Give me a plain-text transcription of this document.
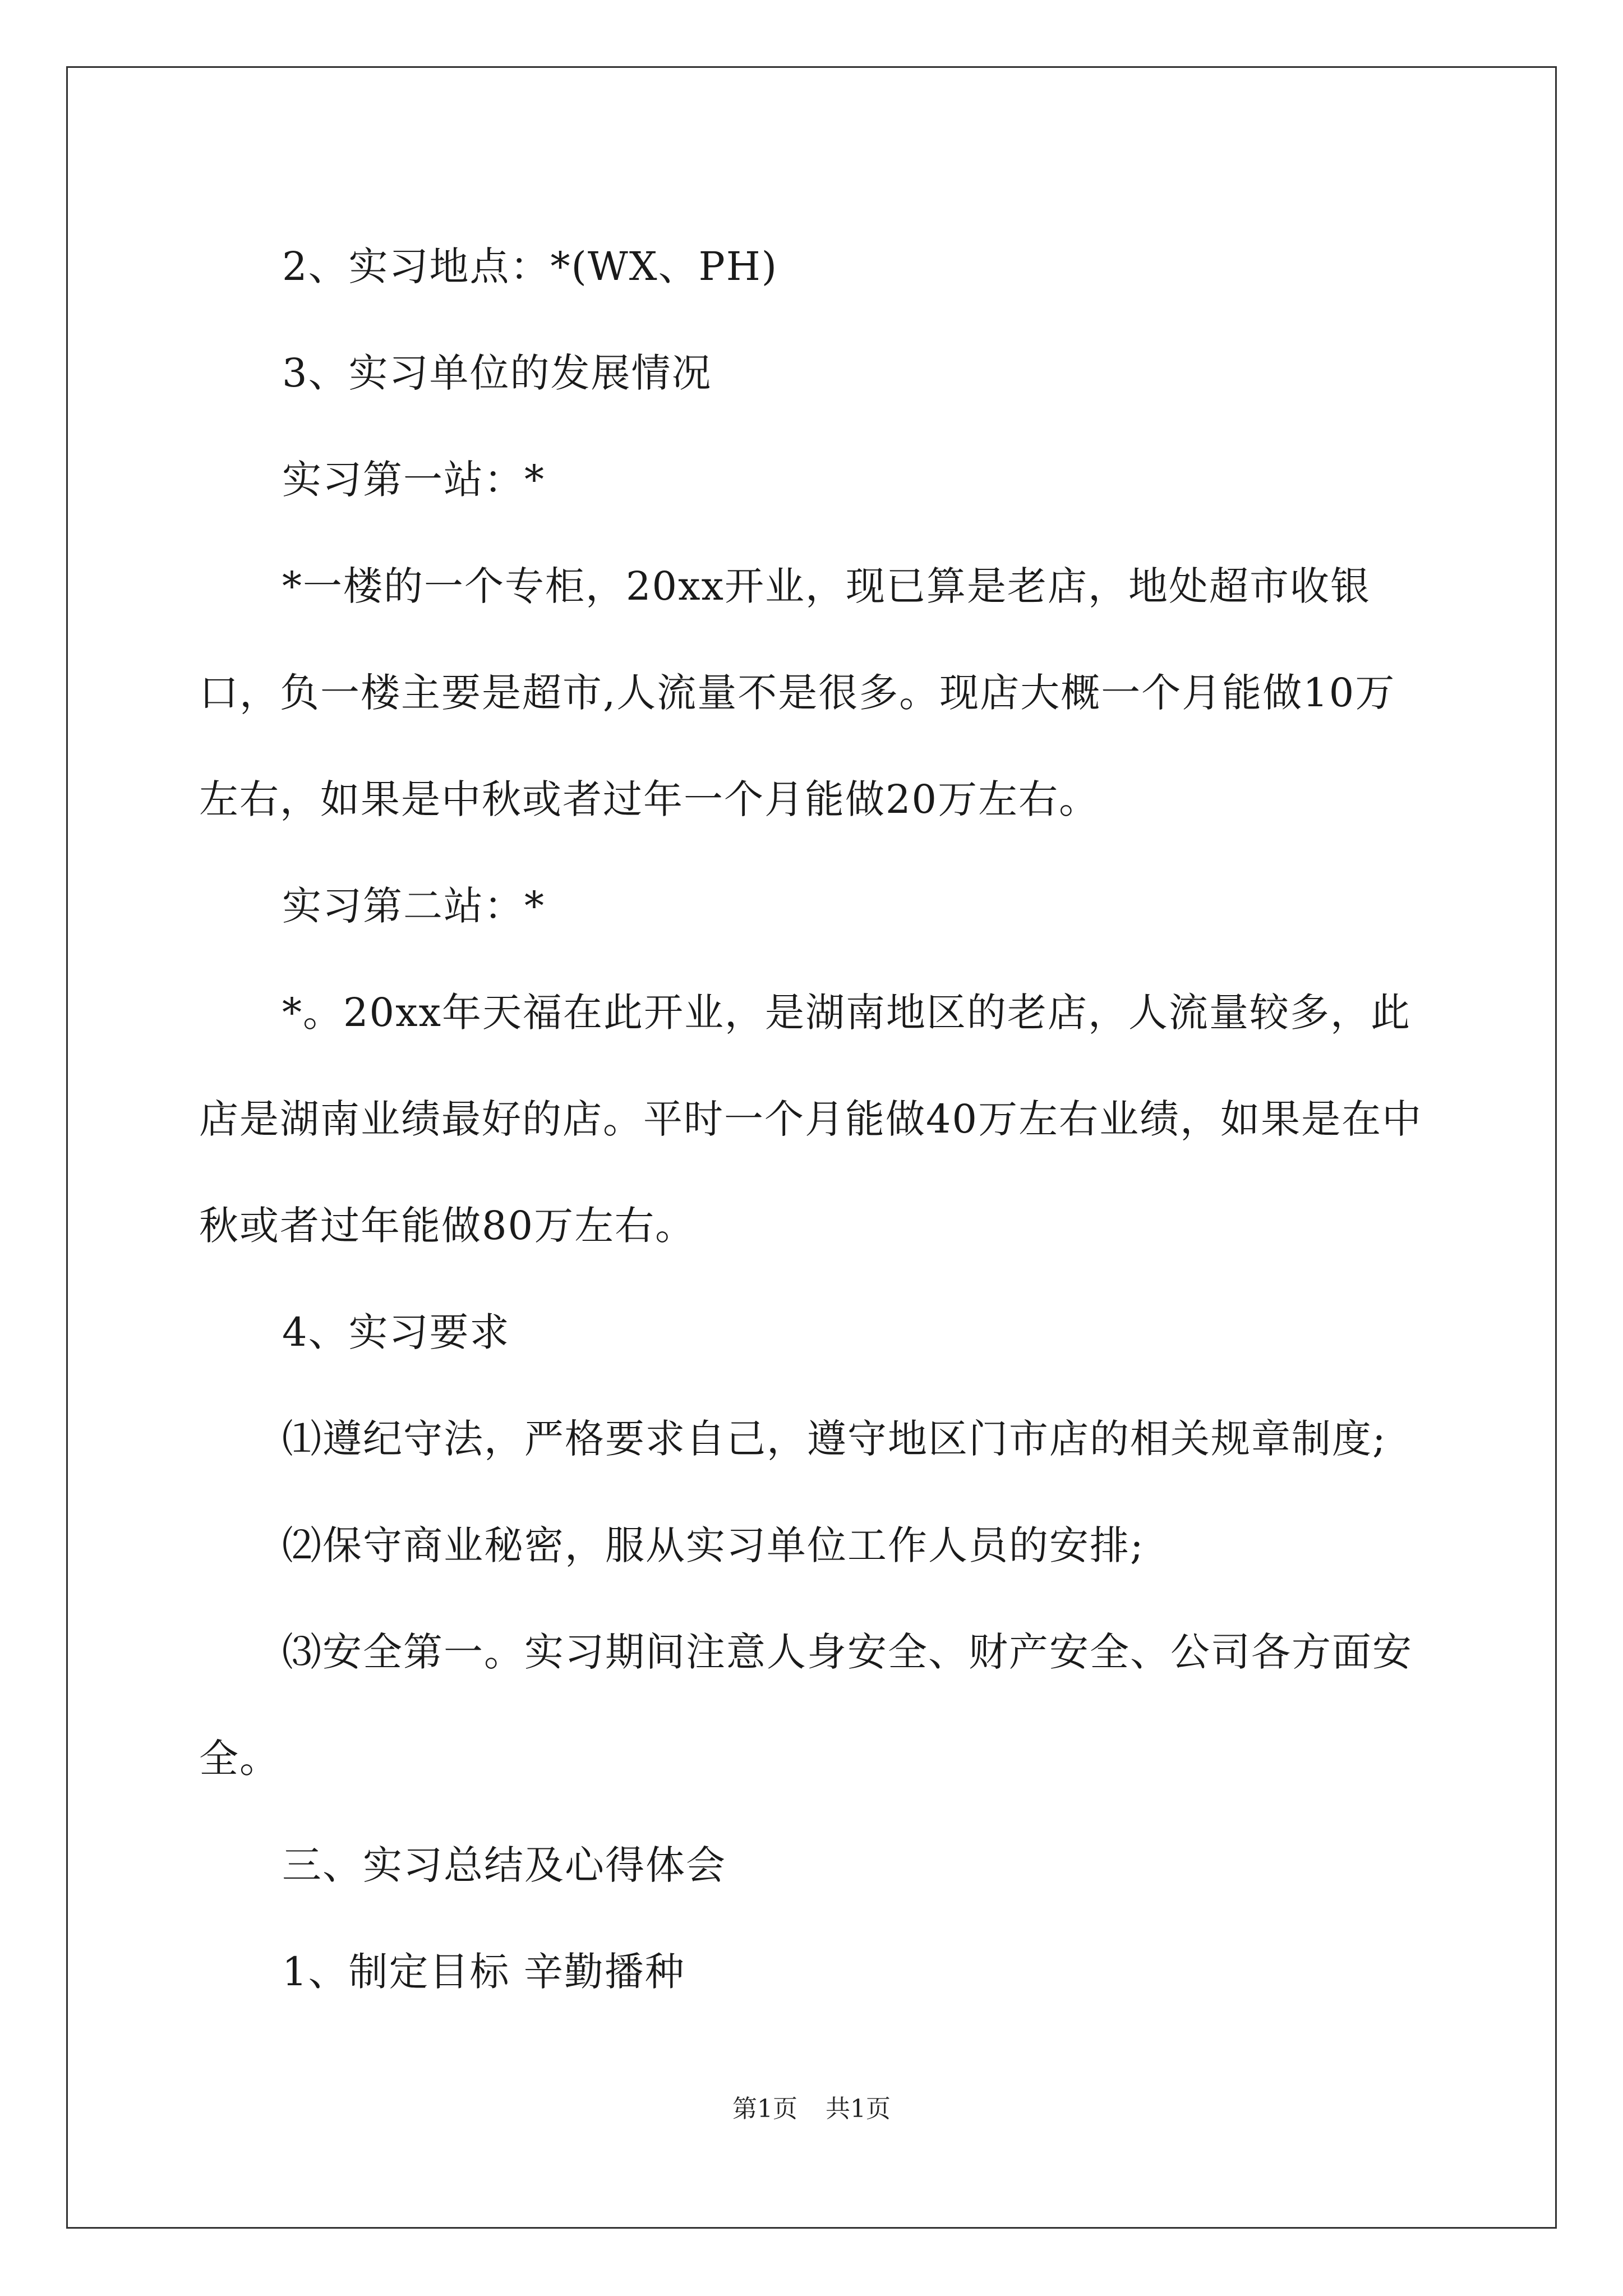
2、实习地点：*(WX、PH)

3、实习单位的发展情况

实习第一站：*

*一楼的一个专柜，20xx开业，现已算是老店，地处超市收银口，负一楼主要是超市,人流量不是很多。现店大概一个月能做10万左右，如果是中秋或者过年一个月能做20万左右。

实习第二站：*

*。20xx年天福在此开业，是湖南地区的老店，人流量较多，此店是湖南业绩最好的店。平时一个月能做40万左右业绩，如果是在中秋或者过年能做80万左右。

4、实习要求

⑴遵纪守法，严格要求自己，遵守地区门市店的相关规章制度;

⑵保守商业秘密，服从实习单位工作人员的安排;

⑶安全第一。实习期间注意人身安全、财产安全、公司各方面安全。

三、实习总结及心得体会

1、制定目标 辛勤播种

第1页 共1页
